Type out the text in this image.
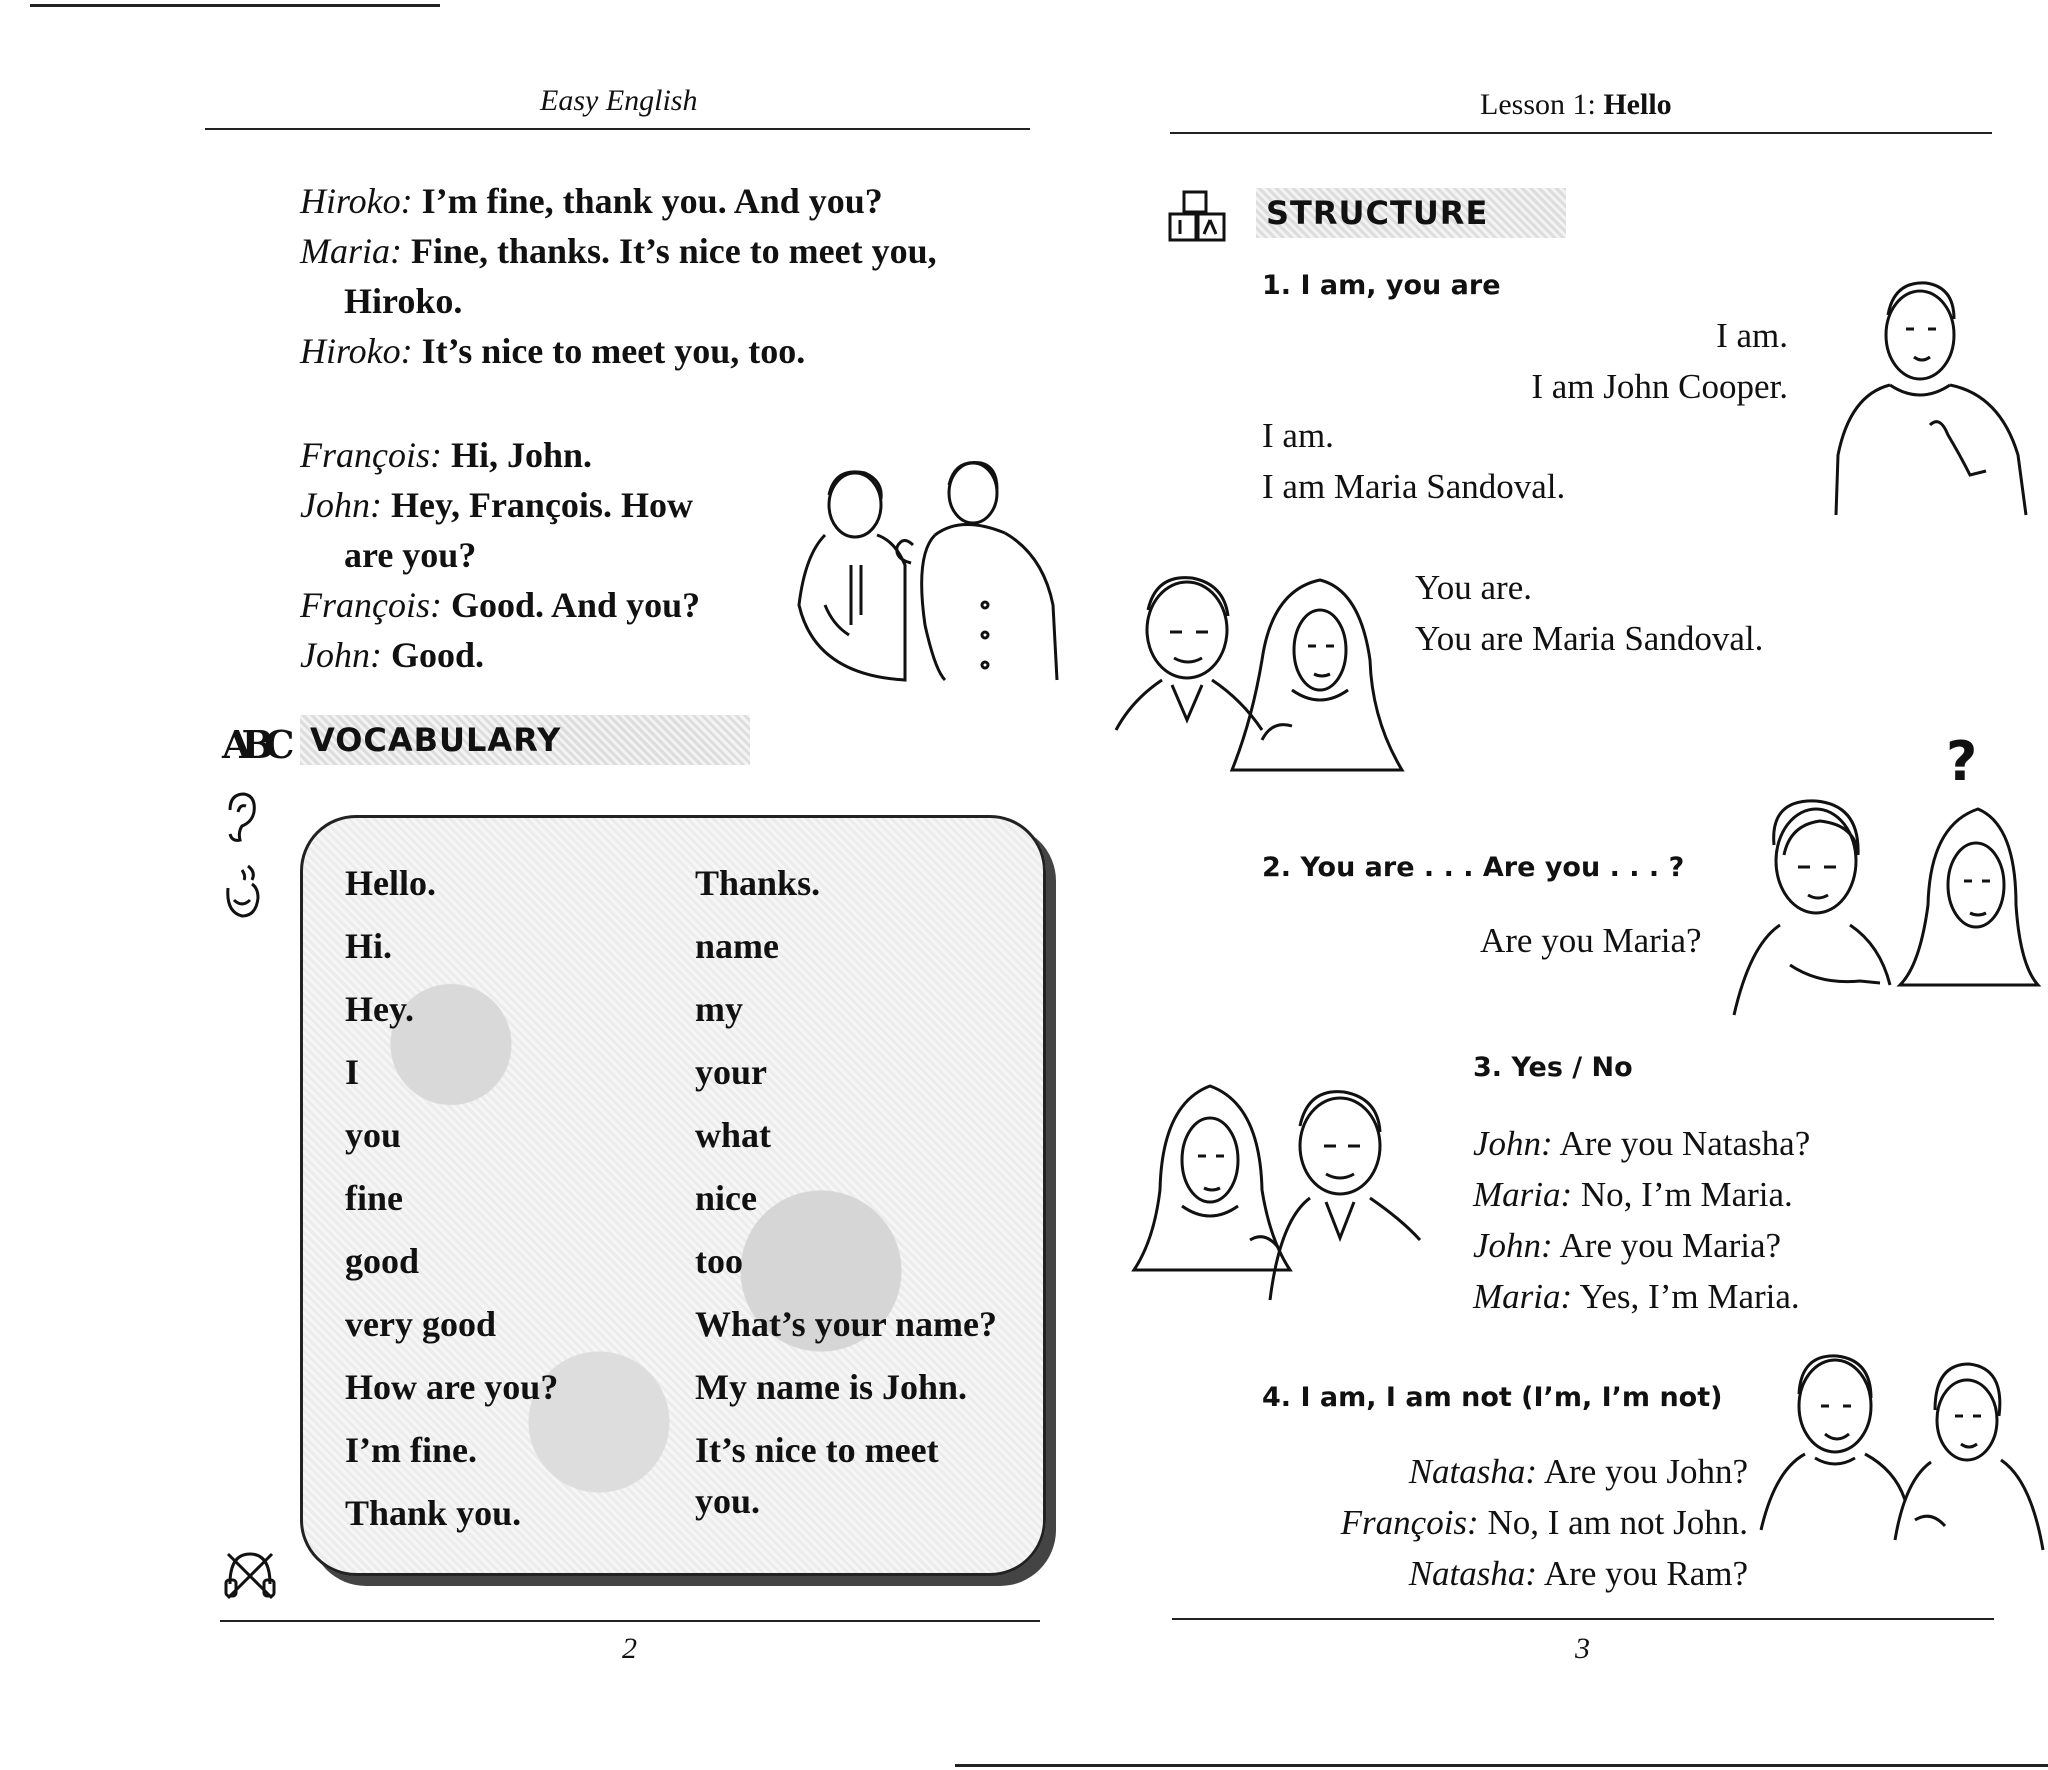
Easy English
Hiroko: I’m fine, thank you. And you?
Maria: Fine, thanks. It’s nice to meet you,
Hiroko.
Hiroko: It’s nice to meet you, too.
François: Hi, John.
John: Hey, François. How
are you?
François: Good. And you?
John: Good.
ABC VOCABULARY
Hello.
Hi.
Hey.
I
you
fine
good
very good
How are you?
I’m fine.
Thank you.
Thanks.
name
my
your
what
nice
too
What’s your name?
My name is John.
It’s nice to meet
you.
2
Lesson 1: Hello
STRUCTURE
1. I am, you are
I am.
I am John Cooper.
I am.
I am Maria Sandoval.
You are.
You are Maria Sandoval.
2. You are . . . Are you . . . ?
Are you Maria?
?
3. Yes / No
John: Are you Natasha?
Maria: No, I’m Maria.
John: Are you Maria?
Maria: Yes, I’m Maria.
4. I am, I am not (I’m, I’m not)
Natasha: Are you John?
François: No, I am not John.
Natasha: Are you Ram?
3
